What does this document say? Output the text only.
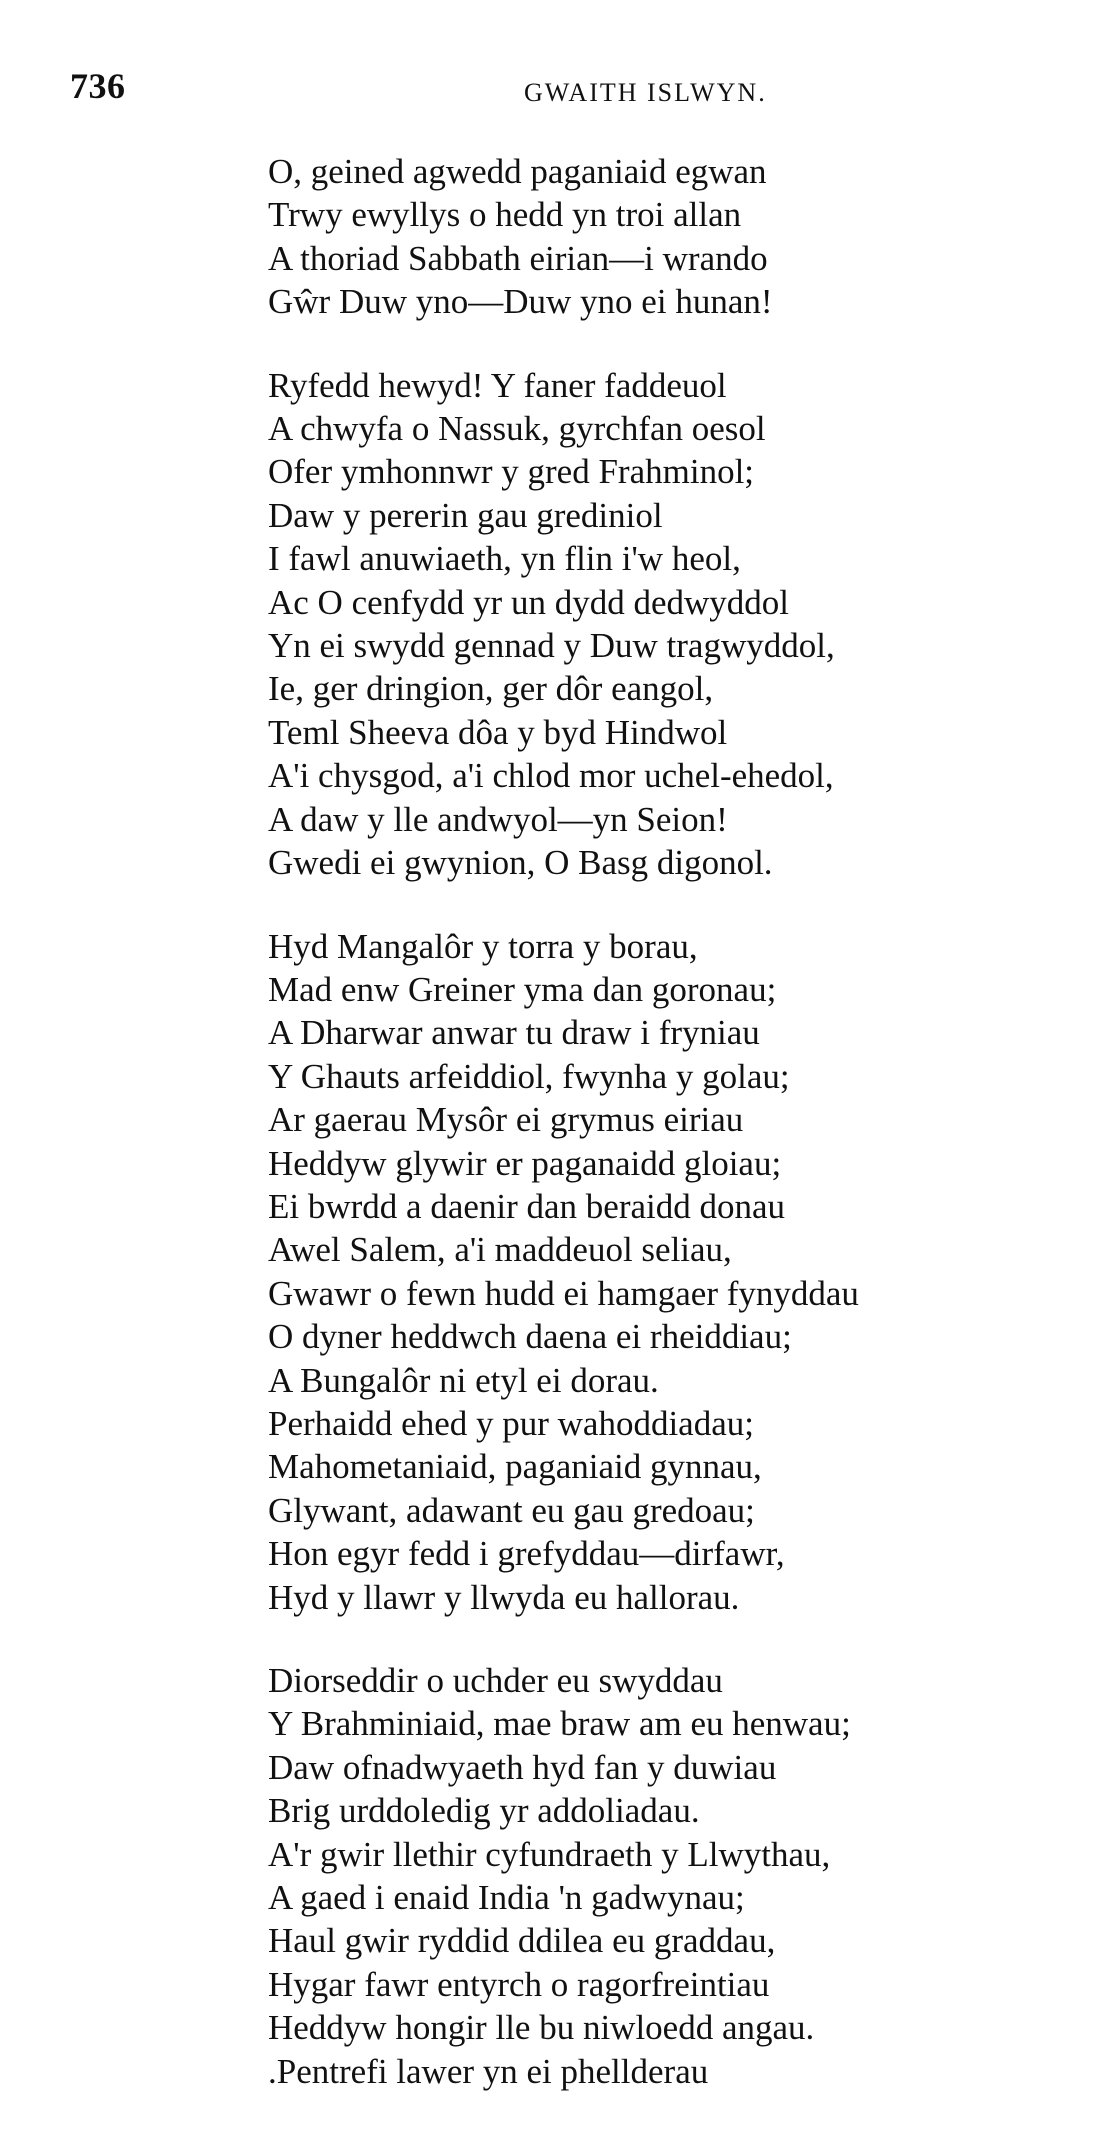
736	GWAITH ISLWYN.
O, geined agwedd paganiaid egwan
Trwy ewyllys o hedd yn troi allan
A thoriad Sabbath eirian—i wrando
Gŵr Duw yno—Duw yno ei hunan!
Ryfedd hewyd! Y faner faddeuol
A chwyfa o Nassuk, gyrchfan oesol
Ofer ymhonnwr y gred Frahminol;
Daw y pererin gau grediniol
I fawl anuwiaeth, yn flin i'w heol,
Ac O cenfydd yr un dydd dedwyddol
Yn ei swydd gennad y Duw tragwyddol,
Ie, ger dringion, ger dôr eangol,
Teml Sheeva dôa y byd Hindwol
A'i chysgod, a'i chlod mor uchel-ehedol,
A daw y lle andwyol—yn Seion!
Gwedi ei gwynion, O Basg digonol.
Hyd Mangalôr y torra y borau,
Mad enw Greiner yma dan goronau;
A Dharwar anwar tu draw i fryniau
Y Ghauts arfeiddiol, fwynha y golau;
Ar gaerau Mysôr ei grymus eiriau
Heddyw glywir er paganaidd gloiau;
Ei bwrdd a daenir dan beraidd donau
Awel Salem, a'i maddeuol seliau,
Gwawr o fewn hudd ei hamgaer fynyddau
O dyner heddwch daena ei rheiddiau;
A Bungalôr ni etyl ei dorau.
Perhaidd ehed y pur wahoddiadau;
Mahometaniaid, paganiaid gynnau,
Glywant, adawant eu gau gredoau;
Hon egyr fedd i grefyddau—dirfawr,
Hyd y llawr y llwyda eu hallorau.
Diorseddir o uchder eu swyddau
Y Brahminiaid, mae braw am eu henwau;
Daw ofnadwyaeth hyd fan y duwiau
Brig urddoledig yr addoliadau.
A'r gwir llethir cyfundraeth y Llwythau,
A gaed i enaid India 'n gadwynau;
Haul gwir ryddid ddilea eu graddau,
Hygar fawr entyrch o ragorfreintiau
Heddyw hongir lle bu niwloedd angau.
.Pentrefi lawer yn ei phellderau
